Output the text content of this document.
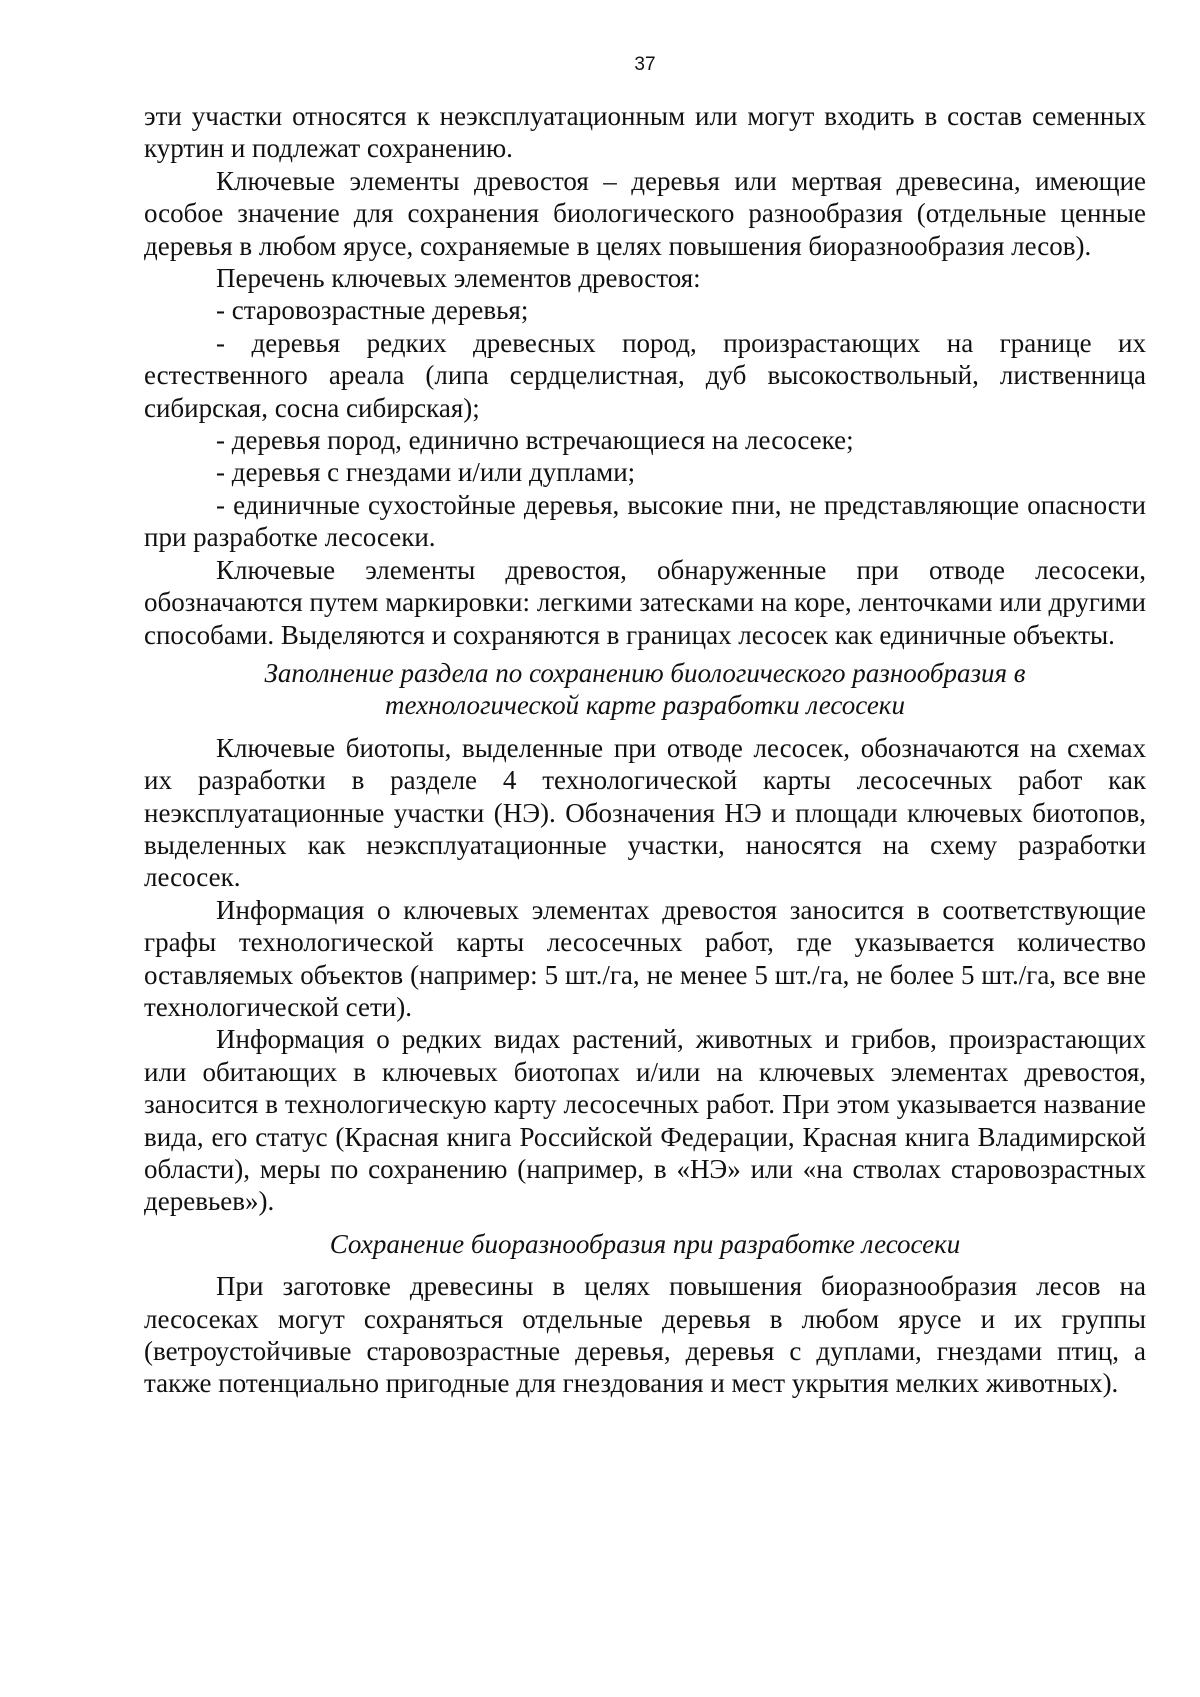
37

эти участки относятся к неэксплуатационным или могут входить в состав семенных куртин и подлежат сохранению.

Ключевые элементы древостоя – деревья или мертвая древесина, имеющие особое значение для сохранения биологического разнообразия (отдельные ценные деревья в любом ярусе, сохраняемые в целях повышения биоразнообразия лесов).

Перечень ключевых элементов древостоя:

- старовозрастные деревья;

- деревья редких древесных пород, произрастающих на границе их естественного ареала (липа сердцелистная, дуб высокоствольный, лиственница сибирская, сосна сибирская);

- деревья пород, единично встречающиеся на лесосеке;

- деревья с гнездами и/или дуплами;

- единичные сухостойные деревья, высокие пни, не представляющие опасности при разработке лесосеки.

Ключевые элементы древостоя, обнаруженные при отводе лесосеки, обозначаются путем маркировки: легкими затесками на коре, ленточками или другими способами. Выделяются и сохраняются в границах лесосек как единичные объекты.

Заполнение раздела по сохранению биологического разнообразия в

технологической карте разработки лесосеки

Ключевые биотопы, выделенные при отводе лесосек, обозначаются на схемах их разработки в разделе 4 технологической карты лесосечных работ как неэксплуатационные участки (НЭ). Обозначения НЭ и площади ключевых биотопов, выделенных как неэксплуатационные участки, наносятся на схему разработки лесосек.

Информация о ключевых элементах древостоя заносится в соответствующие графы технологической карты лесосечных работ, где указывается количество оставляемых объектов (например: 5 шт./га, не менее 5 шт./га, не более 5 шт./га, все вне технологической сети).

Информация о редких видах растений, животных и грибов, произрастающих или обитающих в ключевых биотопах и/или на ключевых элементах древостоя, заносится в технологическую карту лесосечных работ. При этом указывается название вида, его статус (Красная книга Российской Федерации, Красная книга Владимирской области), меры по сохранению (например, в «НЭ» или «на стволах старовозрастных деревьев»).

Сохранение биоразнообразия при разработке лесосеки

При заготовке древесины в целях повышения биоразнообразия лесов на лесосеках могут сохраняться отдельные деревья в любом ярусе и их группы (ветроустойчивые старовозрастные деревья, деревья с дуплами, гнездами птиц, а также потенциально пригодные для гнездования и мест укрытия мелких животных).
